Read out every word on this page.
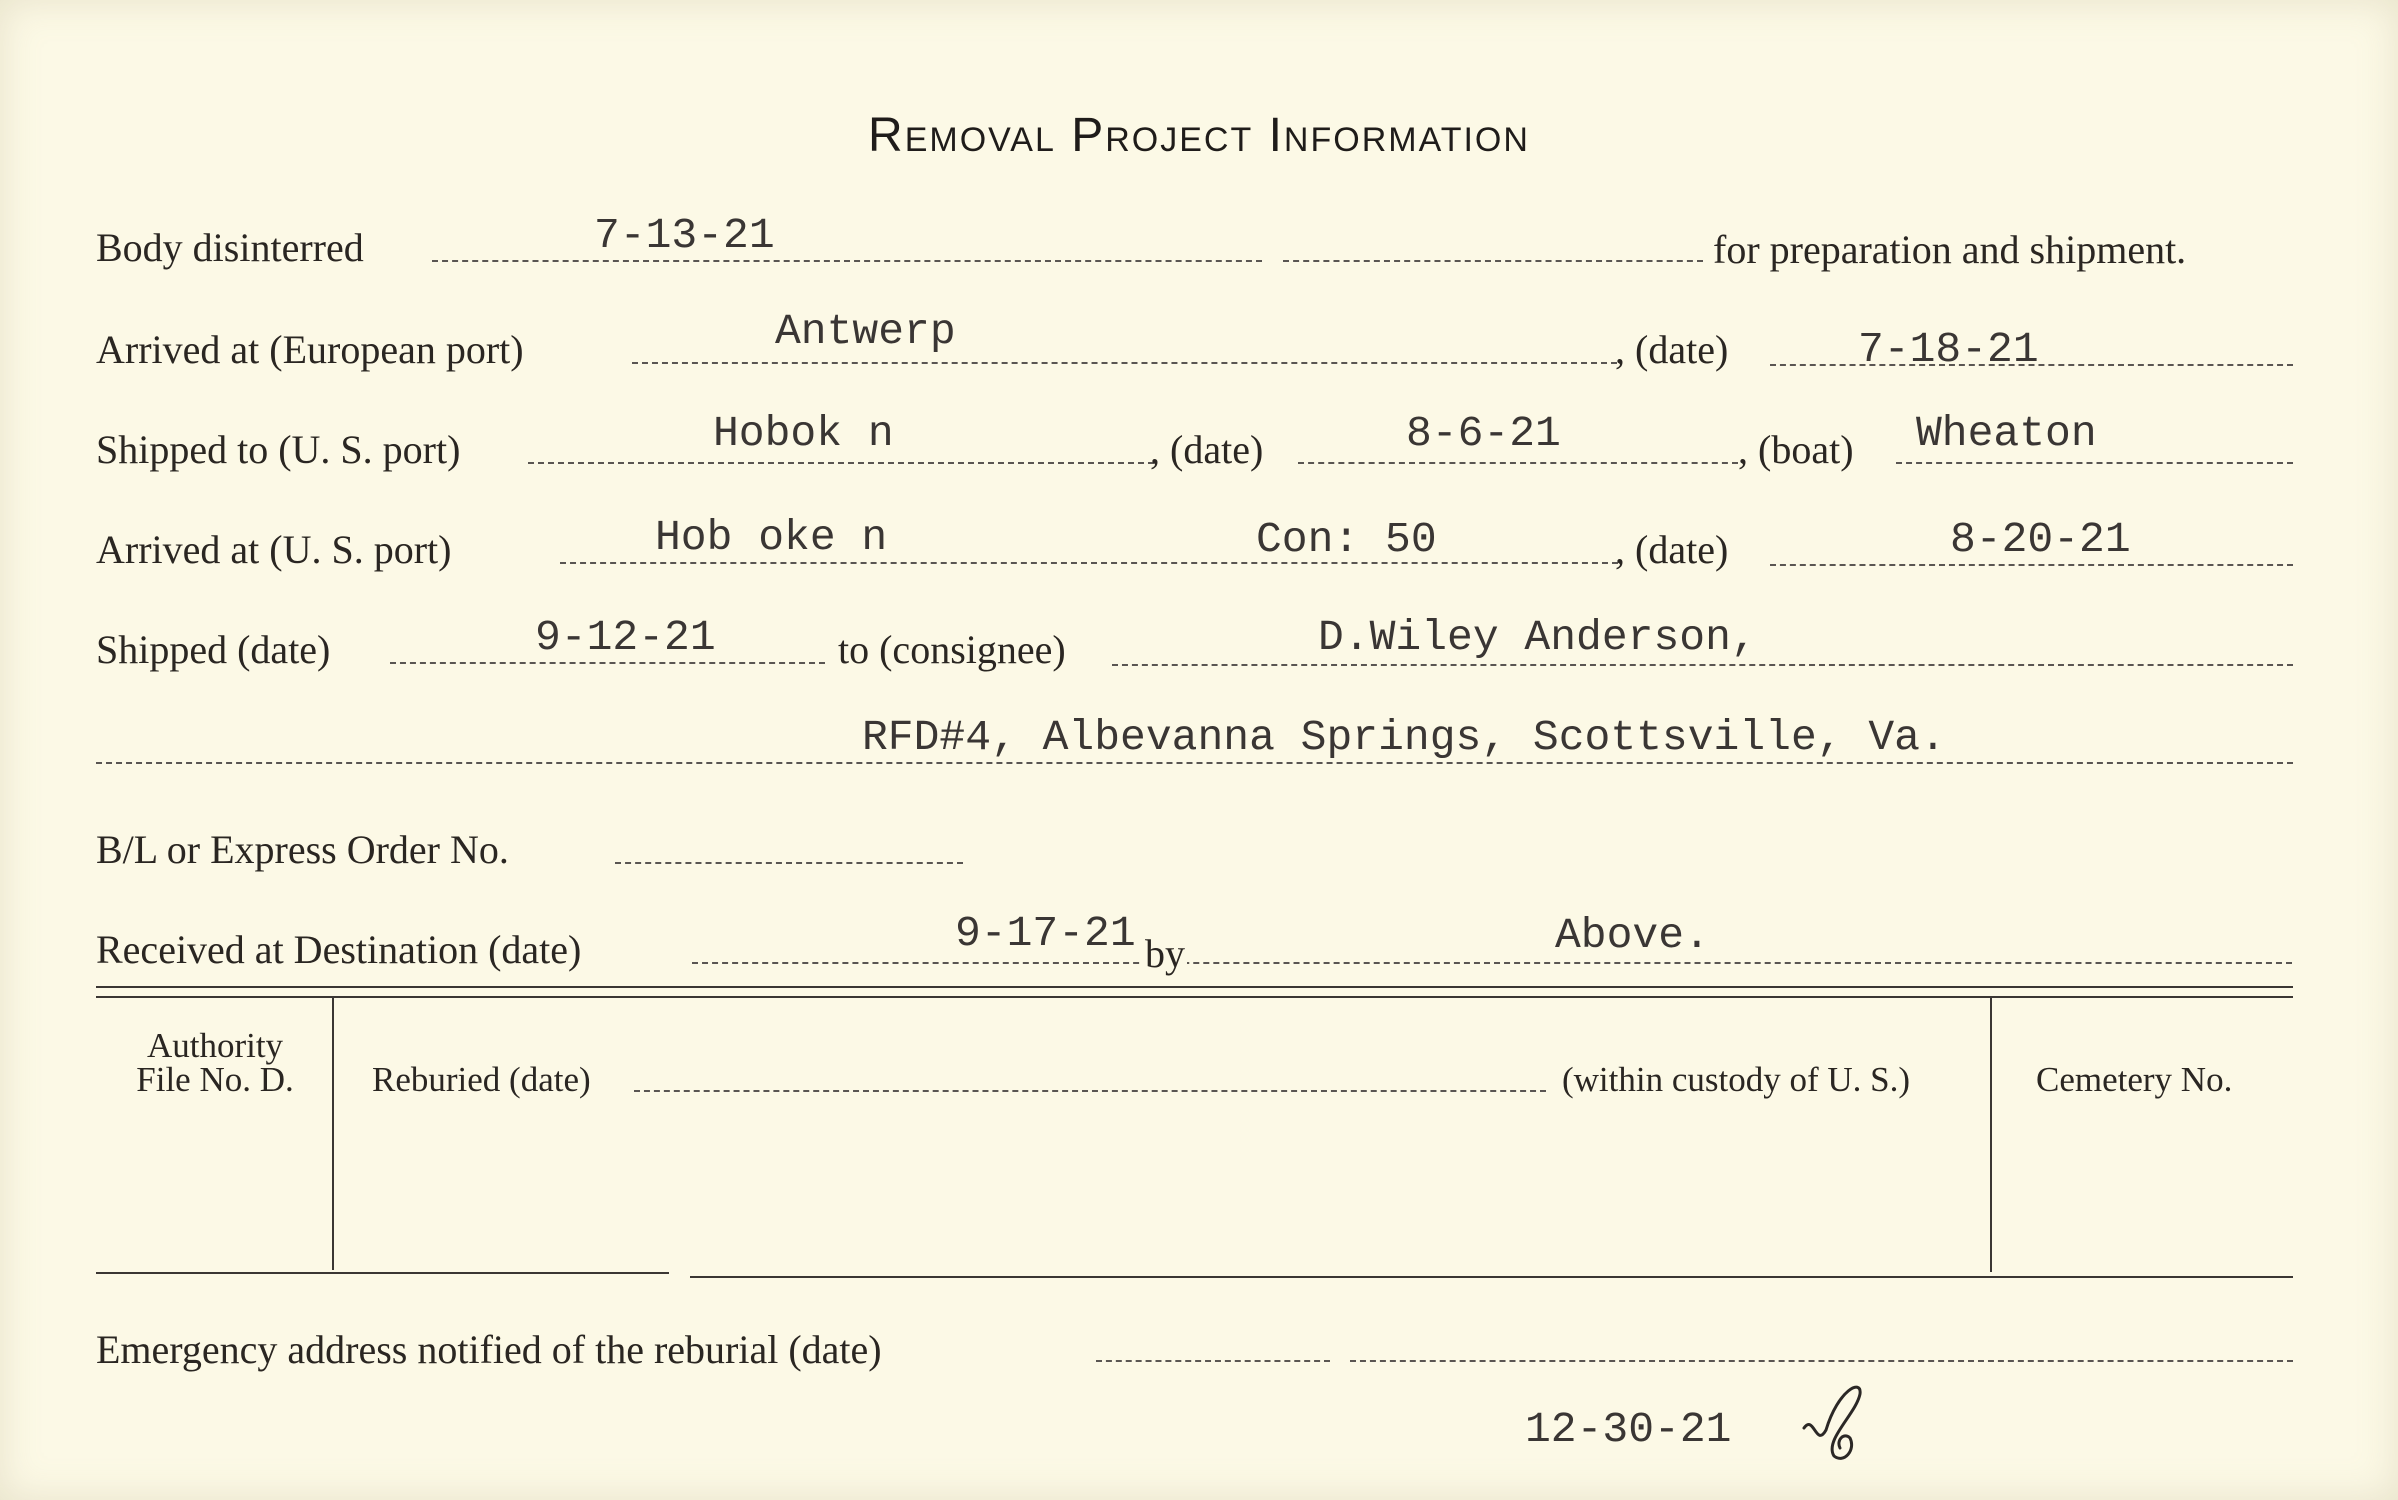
Removal Project Information
Body disinterred	7-13-21	for preparation and shipment.
Arrived at (European port)	Antwerp	, (date)	7-18-21
Shipped to (U. S. port)	Hobok n	, (date)	8-6-21	, (boat) Wheaton
Arrived at (U. S. port)	Hob oke n	Con: 50	, (date)	8-20-21
Shipped (date)	9-12-21	to (consignee)	D.Wiley Anderson,
RFD#4, Albevanna Springs, Scottsville, Va.
B/L or Express Order No.
Received at Destination (date)	9-17-21 by	Above.
Authority
File No. D.	Reburied (date)	(within custody of U. S.)	Cemetery No.
Emergency address notified of the reburial (date)
12-30-21
